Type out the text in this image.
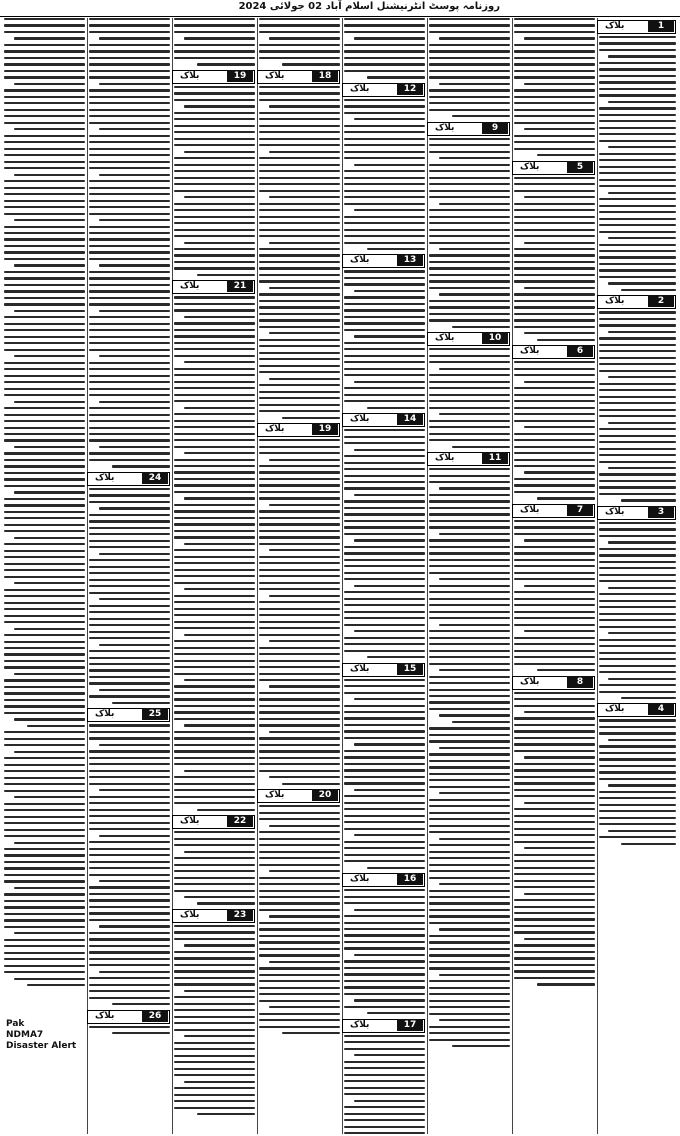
روزنامہ پوسٹ انٹرنیشنل اسلام آباد 02 جولائی 2024
1
بلاک
2
بلاک
3
بلاک
4
بلاک
5
بلاک
6
بلاک
7
بلاک
8
بلاک
9
بلاک
10
بلاک
11
بلاک
12
بلاک
13
بلاک
14
بلاک
15
بلاک
16
بلاک
17
بلاک
18
بلاک
19
بلاک
20
بلاک
19
بلاک
21
بلاک
22
بلاک
23
بلاک
24
بلاک
25
بلاک
26
بلاک
Pak
NDMA7 Disaster Alert
